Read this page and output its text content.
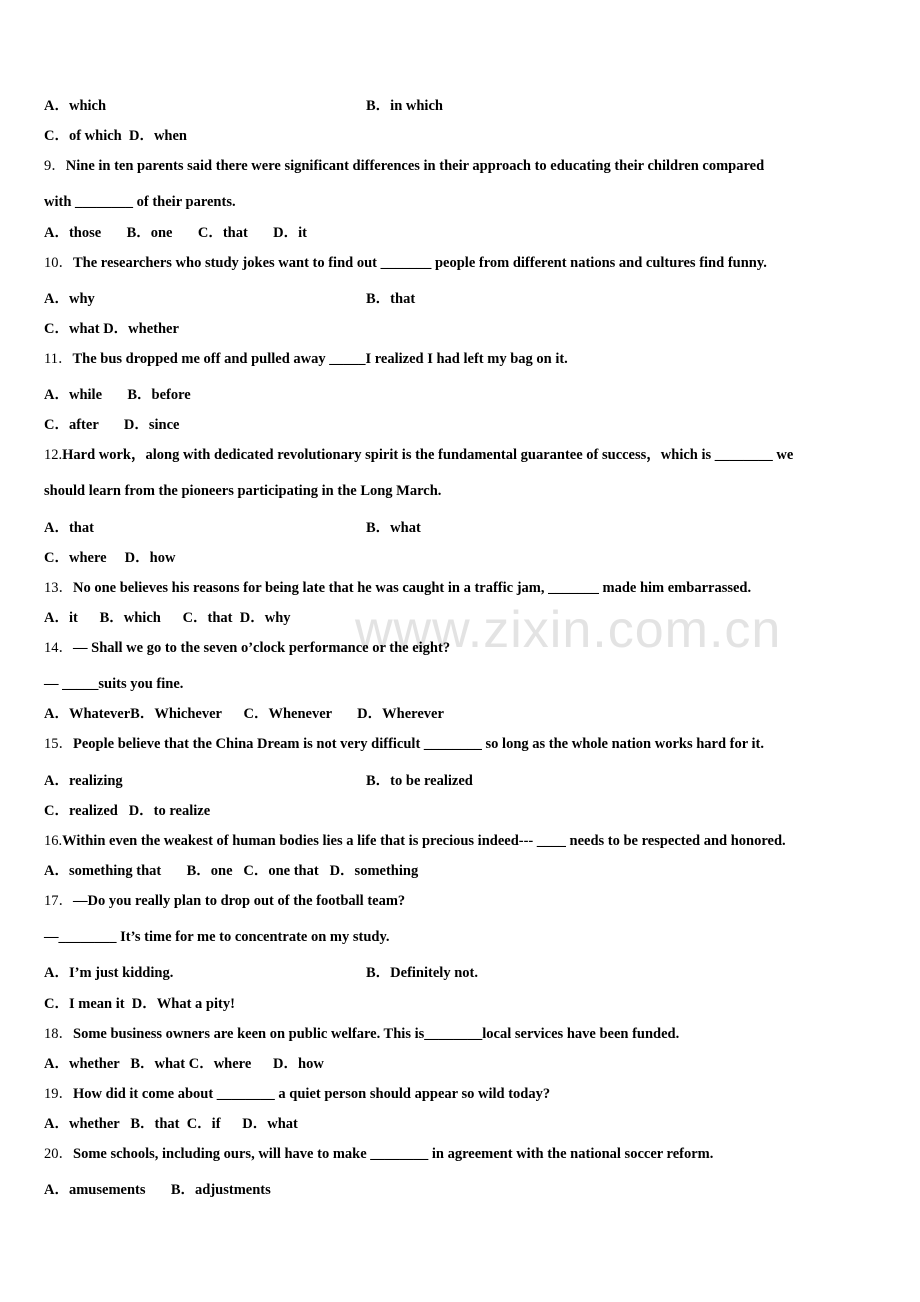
www.zixin.com.cn
A．which	B．in which
C．of which  D．when
9．Nine in ten parents said there were significant differences in their approach to educating their children compared
with ________ of their parents.
A．those       B．one       C．that       D．it
10．The researchers who study jokes want to find out _______ people from different nations and cultures find funny.
A．why	B．that
C．what D．whether
11．The bus dropped me off and pulled away _____I realized I had left my bag on it.
A．while       B．before
C．after       D．since
12.Hard work，along with dedicated revolutionary spirit is the fundamental guarantee of success，which is ________ we
should learn from the pioneers participating in the Long March.
A．that	B．what
C．where     D．how
13．No one believes his reasons for being late that he was caught in a traffic jam, _______ made him embarrassed.
A．it      B．which      C．that  D．why
14．— Shall we go to the seven o’clock performance or the eight?
— _____suits you fine.
A．WhateverB．Whichever      C．Whenever       D．Wherever
15．People believe that the China Dream is not very difficult ________ so long as the whole nation works hard for it.
A．realizing	B．to be realized
C．realized   D．to realize
16.Within even the weakest of human bodies lies a life that is precious indeed--- ____ needs to be respected and honored.
A．something that       B．one   C．one that   D．something
17．—Do you really plan to drop out of the football team?
—________ It’s time for me to concentrate on my study.
A．I’m just kidding.	B．Definitely not.
C．I mean it  D．What a pity!
18．Some business owners are keen on public welfare. This is________local services have been funded.
A．whether   B．what C．where      D．how
19．How did it come about ________ a quiet person should appear so wild today?
A．whether   B．that  C．if      D．what
20．Some schools, including ours, will have to make ________ in agreement with the national soccer reform.
A．amusements       B．adjustments
